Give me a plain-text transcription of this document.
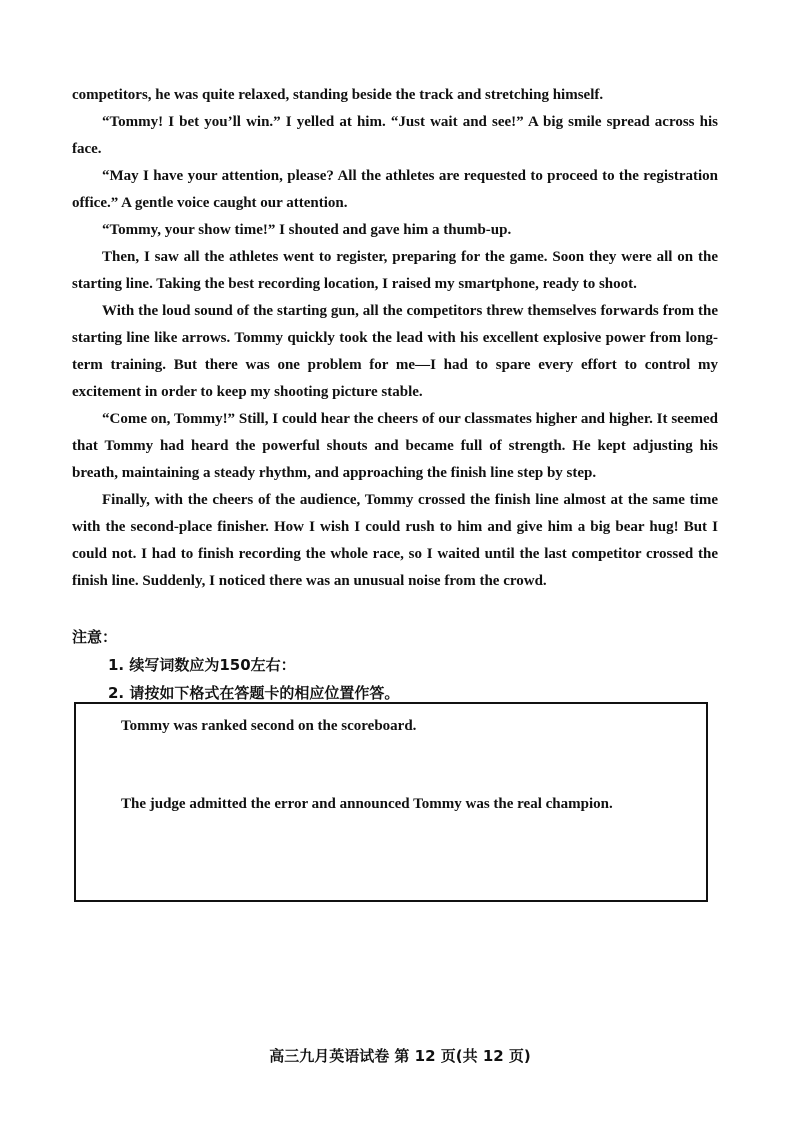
competitors, he was quite relaxed, standing beside the track and stretching himself.

“Tommy! I bet you’ll win.” I yelled at him. “Just wait and see!” A big smile spread across his face.

“May I have your attention, please? All the athletes are requested to proceed to the registration office.” A gentle voice caught our attention.

“Tommy, your show time!” I shouted and gave him a thumb-up.

Then, I saw all the athletes went to register, preparing for the game. Soon they were all on the starting line. Taking the best recording location, I raised my smartphone, ready to shoot.

With the loud sound of the starting gun, all the competitors threw themselves forwards from the starting line like arrows. Tommy quickly took the lead with his excellent explosive power from long-term training. But there was one problem for me—I had to spare every effort to control my excitement in order to keep my shooting picture stable.

“Come on, Tommy!” Still, I could hear the cheers of our classmates higher and higher. It seemed that Tommy had heard the powerful shouts and became full of strength. He kept adjusting his breath, maintaining a steady rhythm, and approaching the finish line step by step.

Finally, with the cheers of the audience, Tommy crossed the finish line almost at the same time with the second-place finisher. How I wish I could rush to him and give him a big bear hug! But I could not. I had to finish recording the whole race, so I waited until the last competitor crossed the finish line. Suddenly, I noticed there was an unusual noise from the crowd.

注意：

1. 续写词数应为150左右：

2. 请按如下格式在答题卡的相应位置作答。

Tommy was ranked second on the scoreboard.

The judge admitted the error and announced Tommy was the real champion.

高三九月英语试卷 第 12 页(共 12 页)
